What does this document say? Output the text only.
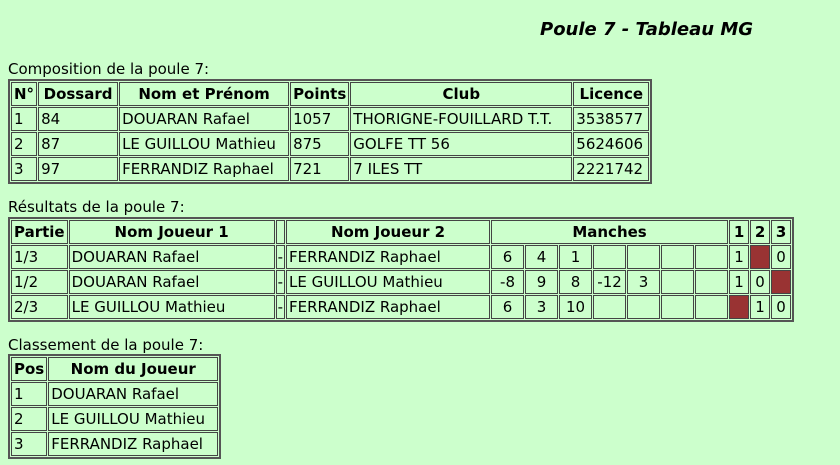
Poule 7 - Tableau MG
Composition de la poule 7:
N°	Dossard	Nom et Prénom	Points	Club	Licence
1	84	DOUARAN Rafael	1057	THORIGNE-FOUILLARD T.T.	3538577
2	87	LE GUILLOU Mathieu	875	GOLFE TT 56	5624606
3	97	FERRANDIZ Raphael	721	7 ILES TT	2221742
Résultats de la poule 7:
Partie	Nom Joueur 1		Nom Joueur 2	Manches							1	2	3
1/3	DOUARAN Rafael	-	FERRANDIZ Raphael	6	4	1					1		0
1/2	DOUARAN Rafael	-	LE GUILLOU Mathieu	-8	9	8	-12	3			1	0	
2/3	LE GUILLOU Mathieu	-	FERRANDIZ Raphael	6	3	10						1	0
Classement de la poule 7:
Pos	Nom du Joueur
1	DOUARAN Rafael
2	LE GUILLOU Mathieu
3	FERRANDIZ Raphael
